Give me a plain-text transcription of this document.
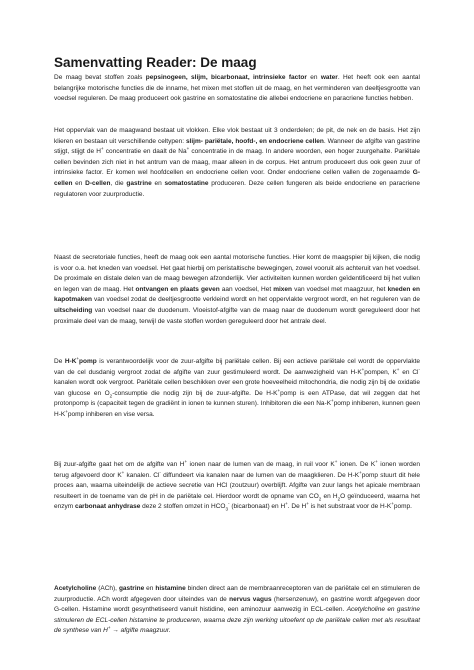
Samenvatting Reader: De maag
De maag bevat stoffen zoals pepsinogeen, slijm, bicarbonaat, intrinsieke factor en water. Het heeft ook een aantal belangrijke motorische functies die de inname, het mixen met stoffen uit de maag, en het verminderen van deeltjesgrootte van voedsel reguleren. De maag produceert ook gastrine en somatostatine die allebei endocriene en paracriene functies hebben.
Het oppervlak van de maagwand bestaat uit vlokken. Elke vlok bestaat uit 3 onderdelen; de pit, de nek en de basis. Het zijn klieren en bestaan uit verschillende celtypen: slijm- pariëtale, hoofd-, en endocriene cellen. Wanneer de afgifte van gastrine stijgt, stijgt de H+ concentratie en daalt de Na+ concentratie in de maag. In andere woorden, een hoger zuurgehalte. Pariëtale cellen bevinden zich niet in het antrum van de maag, maar alleen in de corpus. Het antrum produceert dus ook geen zuur of intrinsieke factor. Er komen wel hoofdcellen en endocriene cellen voor. Onder endocriene cellen vallen de zogenaamde G-cellen en D-cellen, die gastrine en somatostatine produceren. Deze cellen fungeren als beide endocriene en paracriene regulatoren voor zuurproductie.
Naast de secretoriale functies, heeft de maag ook een aantal motorische functies. Hier komt de maagspier bij kijken, die nodig is voor o.a. het kneden van voedsel. Het gaat hierbij om peristaltische bewegingen, zowel vooruit als achteruit van het voedsel. De proximale en distale delen van de maag bewegen afzonderlijk. Vier activiteiten kunnen worden geïdentificeerd bij het vullen en legen van de maag. Het ontvangen en plaats geven aan voedsel, Het mixen van voedsel met maagzuur, het kneden en kapotmaken van voedsel zodat de deeltjesgrootte verkleind wordt en het oppervlakte vergroot wordt, en het reguleren van de uitscheiding van voedsel naar de duodenum. Vloeistof-afgifte van de maag naar de duodenum wordt gereguleerd door het proximale deel van de maag, terwijl de vaste stoffen worden gereguleerd door het antrale deel.
De H-K+pomp is verantwoordelijk voor de zuur-afgifte bij pariëtale cellen. Bij een actieve pariëtale cel wordt de oppervlakte van de cel dusdanig vergroot zodat de afgifte van zuur gestimuleerd wordt. De aanwezigheid van H-K+pompen, K+ en Cl- kanalen wordt ook vergroot. Pariëtale cellen beschikken over een grote hoeveelheid mitochondria, die nodig zijn bij de oxidatie van glucose en $O_2$-consumptie die nodig zijn bij de zuur-afgifte. De H-K+pomp is een ATPase, dat wil zeggen dat het protonpomp is (capaciteit tegen de gradiënt in ionen te kunnen sturen). Inhibitoren die een Na-K+pomp inhiberen, kunnen geen H-K+pomp inhiberen en vise versa.
Bij zuur-afgifte gaat het om de afgifte van H+ ionen naar de lumen van de maag, in ruil voor K+ ionen. De K+ ionen worden terug afgevoerd door K+ kanalen. Cl- diffundeert via kanalen naar de lumen van de maagklieren. De H-K+pomp stuurt dit hele proces aan, waarna uiteindelijk de actieve secretie van HCl (zoutzuur) overblijft. Afgifte van zuur langs het apicale membraan resulteert in de toename van de pH in de pariëtale cel. Hierdoor wordt de opname van $CO_2$ en $H_2O$ geïnduceerd, waarna het enzym carbonaat anhydrase deze 2 stoffen omzet in $HCO_3^-$ (bicarbonaat) en H+. De H+ is het substraat voor de H-K+pomp.
Acetylcholine (ACh), gastrine en histamine binden direct aan de membraanreceptoren van de pariëtale cel en stimuleren de zuurproductie. ACh wordt afgegeven door uiteindes van de nervus vagus (hersenzenuw), en gastrine wordt afgegeven door G-cellen. Histamine wordt gesynthetiseerd vanuit histidine, een aminozuur aanwezig in ECL-cellen. Acetylcholine en gastrine stimuleren de ECL-cellen histamine te produceren, waarna deze zijn werking uitoefent op de pariëtale cellen met als resultaat de synthese van H+ → afgifte maagzuur.
